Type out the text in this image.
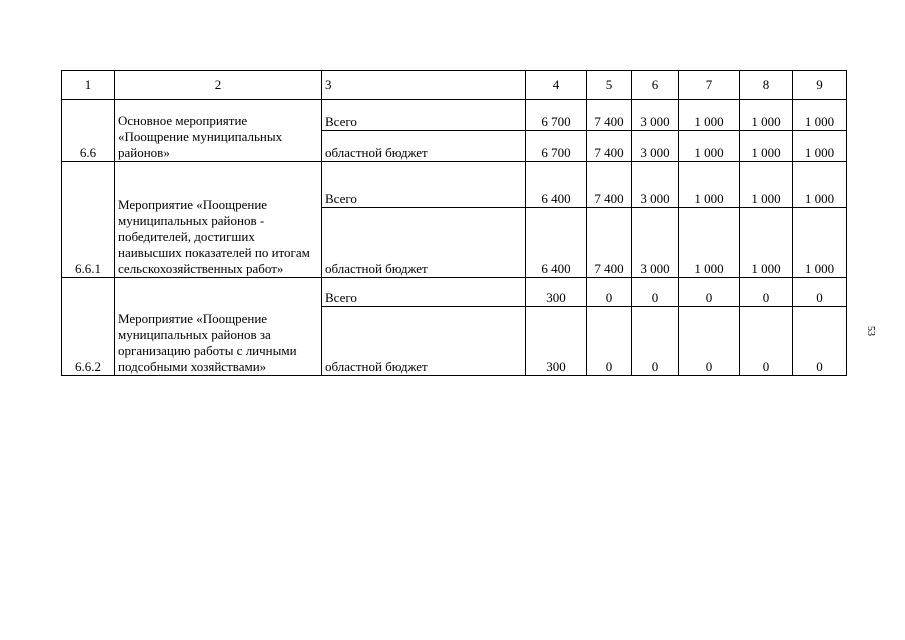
1	2	3	4	5	6	7	8	9
6.6	Основное мероприятие «Поощрение муниципальных районов»	Всего	6 700	7 400	3 000	1 000	1 000	1 000
		областной бюджет	6 700	7 400	3 000	1 000	1 000	1 000
6.6.1	Мероприятие «Поощрение муниципальных районов - победителей, достигших наивысших показателей по итогам сельскохозяйственных работ»	Всего	6 400	7 400	3 000	1 000	1 000	1 000
		областной бюджет	6 400	7 400	3 000	1 000	1 000	1 000
6.6.2	Мероприятие «Поощрение муниципальных районов за организацию работы с личными подсобными хозяйствами»	Всего	300	0	0	0	0	0
		областной бюджет	300	0	0	0	0	0
53
